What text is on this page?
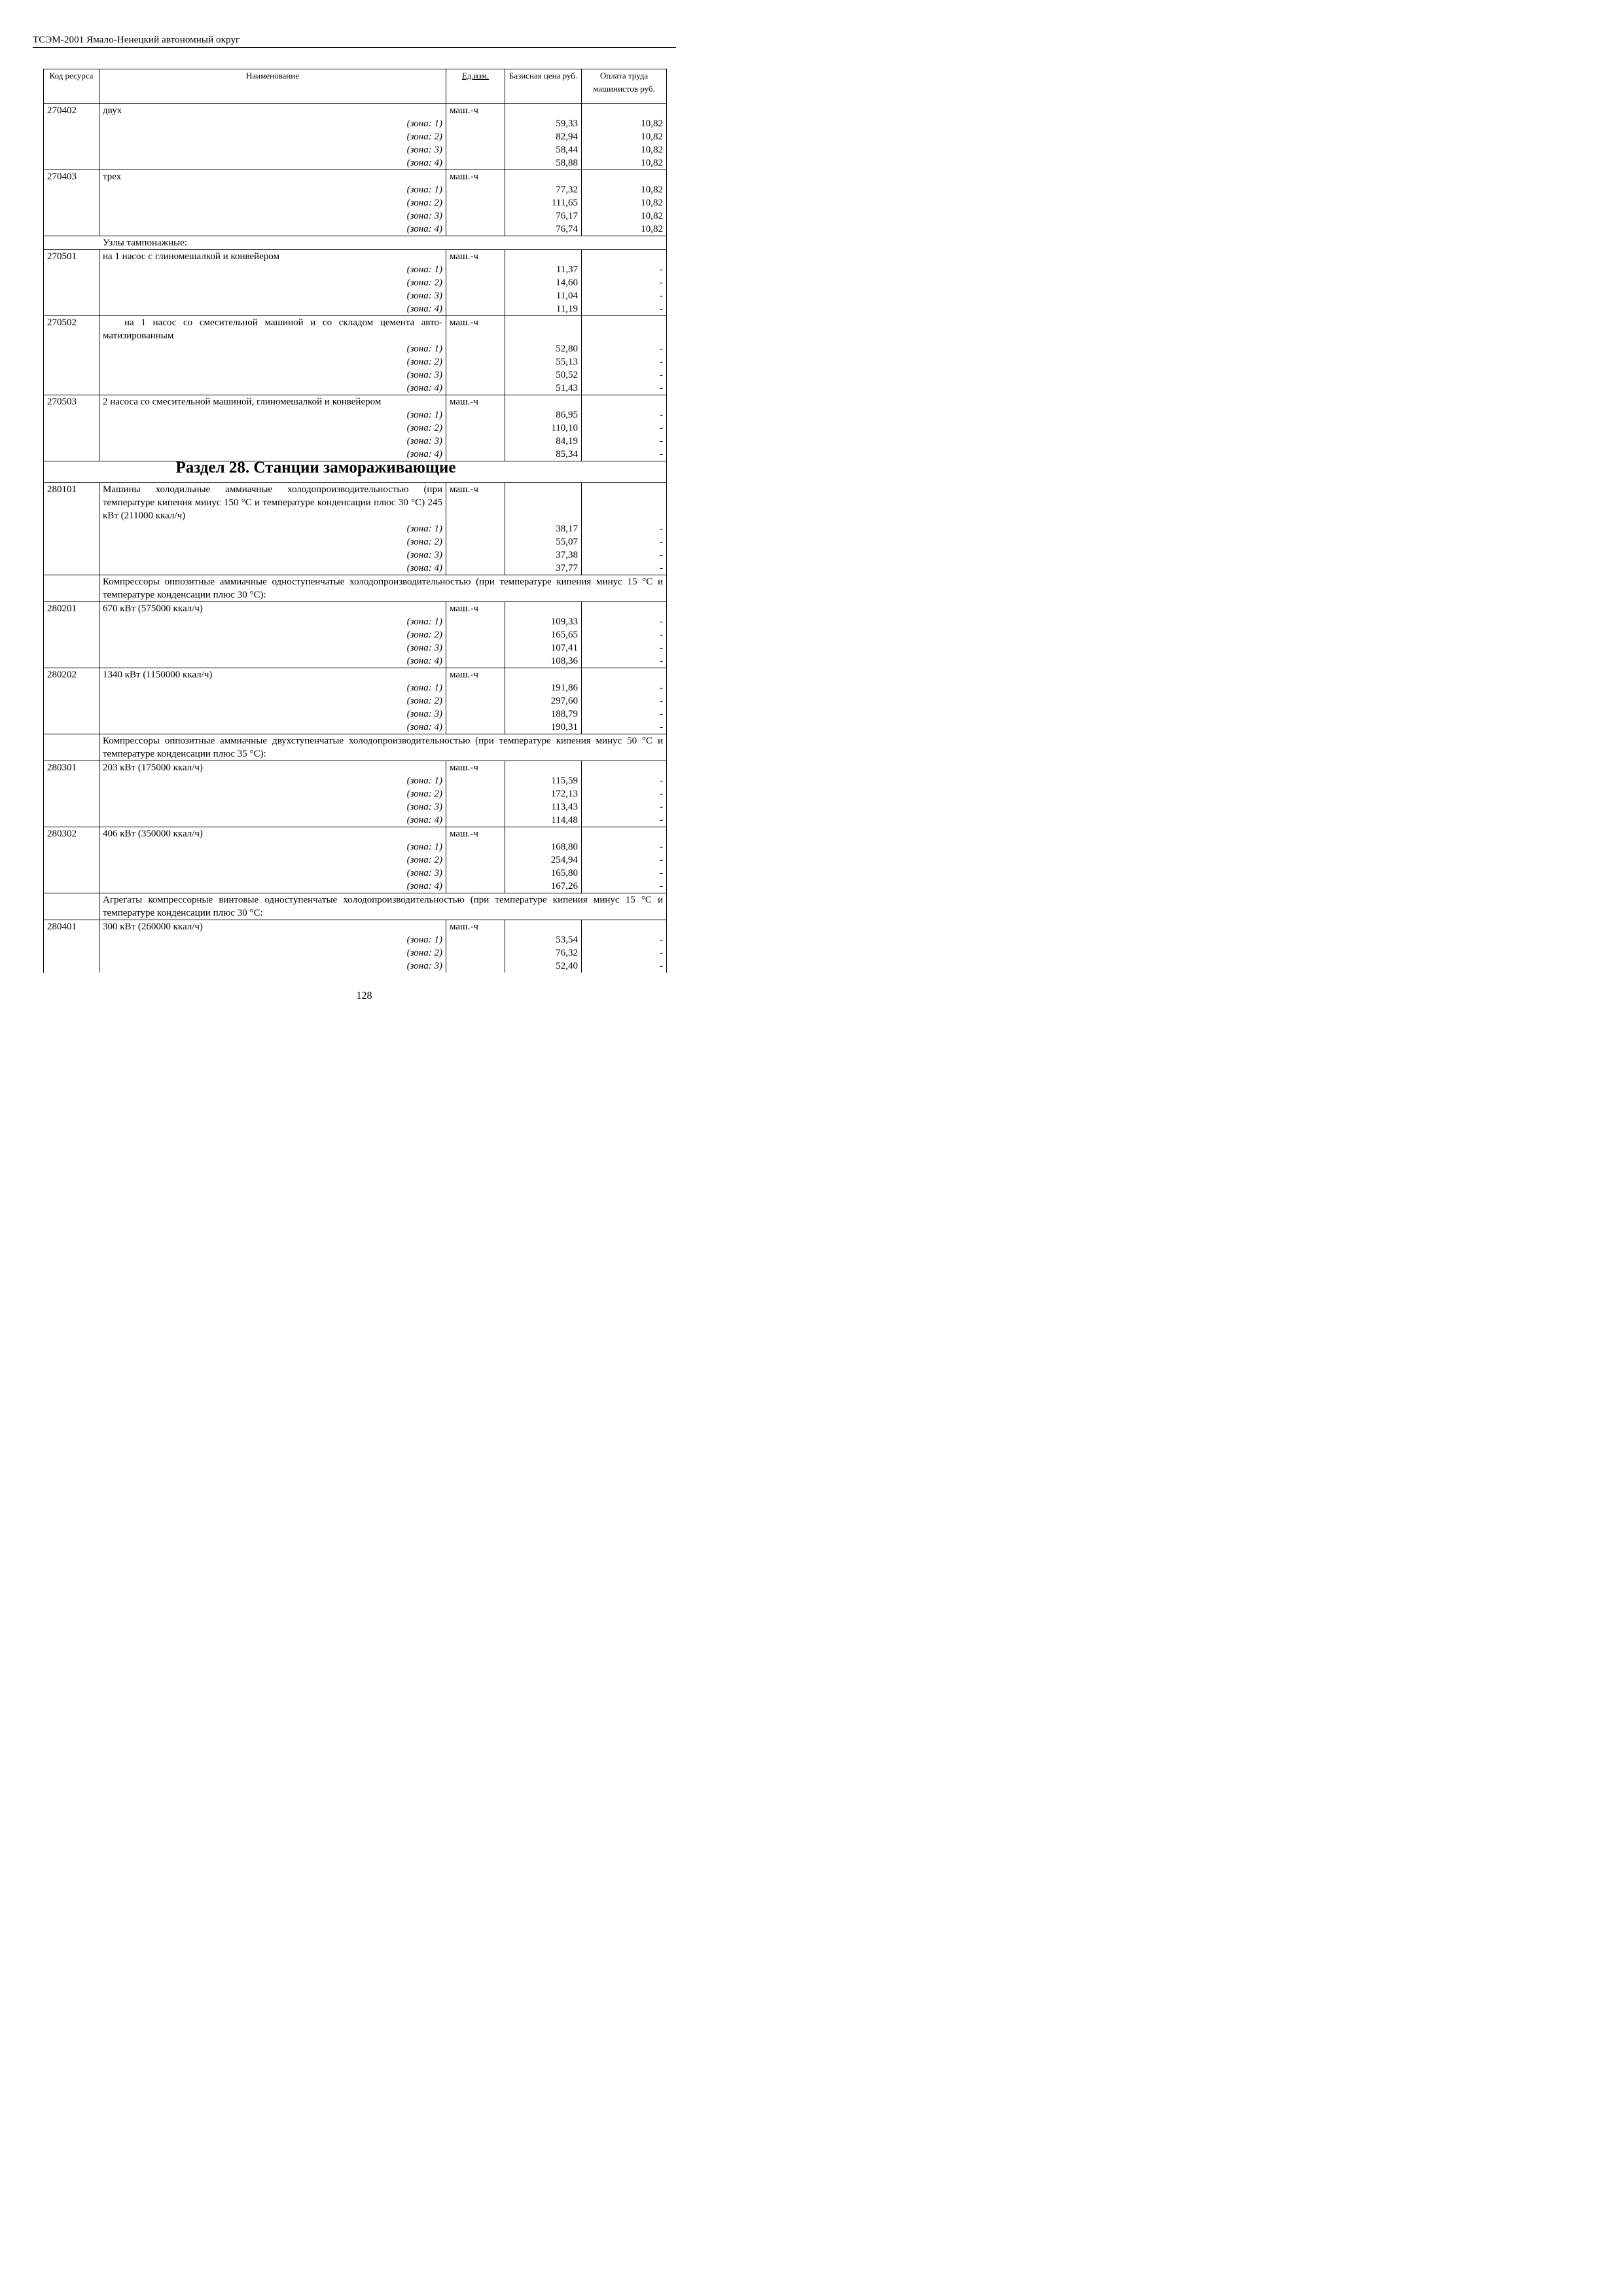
ТСЭМ-2001 Ямало-Ненецкий автономный округ
Код ресурса	Наименование	Ед.изм.	Базисная цена руб.	Оплата труда машинистов руб.
270402	двух	маш.-ч		
	(зона: 1)		59,33	10,82
	(зона: 2)		82,94	10,82
	(зона: 3)		58,44	10,82
	(зона: 4)		58,88	10,82
270403	трех	маш.-ч		
	(зона: 1)		77,32	10,82
	(зона: 2)		111,65	10,82
	(зона: 3)		76,17	10,82
	(зона: 4)		76,74	10,82
Узлы тампонажные:				
270501	на 1 насос с глиномешалкой и конвейером	маш.-ч		
	(зона: 1)		11,37	-
	(зона: 2)		14,60	-
	(зона: 3)		11,04	-
	(зона: 4)		11,19	-
270502	на 1 насос со смесительной машиной и со складом цемента авто-матизированным	маш.-ч		
	(зона: 1)		52,80	-
	(зона: 2)		55,13	-
	(зона: 3)		50,52	-
	(зона: 4)		51,43	-
270503	2 насоса со смесительной машиной, глиномешалкой и конвейером	маш.-ч		
	(зона: 1)		86,95	-
	(зона: 2)		110,10	-
	(зона: 3)		84,19	-
	(зона: 4)		85,34	-

Раздел 28. Станции замораживающие				

280101	Машины холодильные аммиачные холодопроизводительностью (при температуре кипения минус 150 °С и температуре конденсации плюс 30 °С) 245 кВт (211000 ккал/ч)	маш.-ч		
	(зона: 1)		38,17	-
	(зона: 2)		55,07	-
	(зона: 3)		37,38	-
	(зона: 4)		37,77	-
	Компрессоры оппозитные аммиачные одноступенчатые холодопроизводительностью (при температуре кипения минус 15 °С и температуре конденсации плюс 30 °С):			
280201	670 кВт (575000 ккал/ч)	маш.-ч		
	(зона: 1)		109,33	-
	(зона: 2)		165,65	-
	(зона: 3)		107,41	-
	(зона: 4)		108,36	-
280202	1340 кВт (1150000 ккал/ч)	маш.-ч		
	(зона: 1)		191,86	-
	(зона: 2)		297,60	-
	(зона: 3)		188,79	-
	(зона: 4)		190,31	-
	Компрессоры оппозитные аммиачные двухступенчатые холодопроизводительностью (при температуре кипения минус 50 °С и температуре конденсации плюс 35 °С):			
280301	203 кВт (175000 ккал/ч)	маш.-ч		
	(зона: 1)		115,59	-
	(зона: 2)		172,13	-
	(зона: 3)		113,43	-
	(зона: 4)		114,48	-
280302	406 кВт (350000 ккал/ч)	маш.-ч		
	(зона: 1)		168,80	-
	(зона: 2)		254,94	-
	(зона: 3)		165,80	-
	(зона: 4)		167,26	-
	Агрегаты компрессорные винтовые одноступенчатые холодопроизводительностью (при температуре кипения минус 15 °С и температуре конденсации плюс 30 °С:			
280401	300 кВт (260000 ккал/ч)	маш.-ч		
	(зона: 1)		53,54	-
	(зона: 2)		76,32	-
	(зона: 3)		52,40	-
128
